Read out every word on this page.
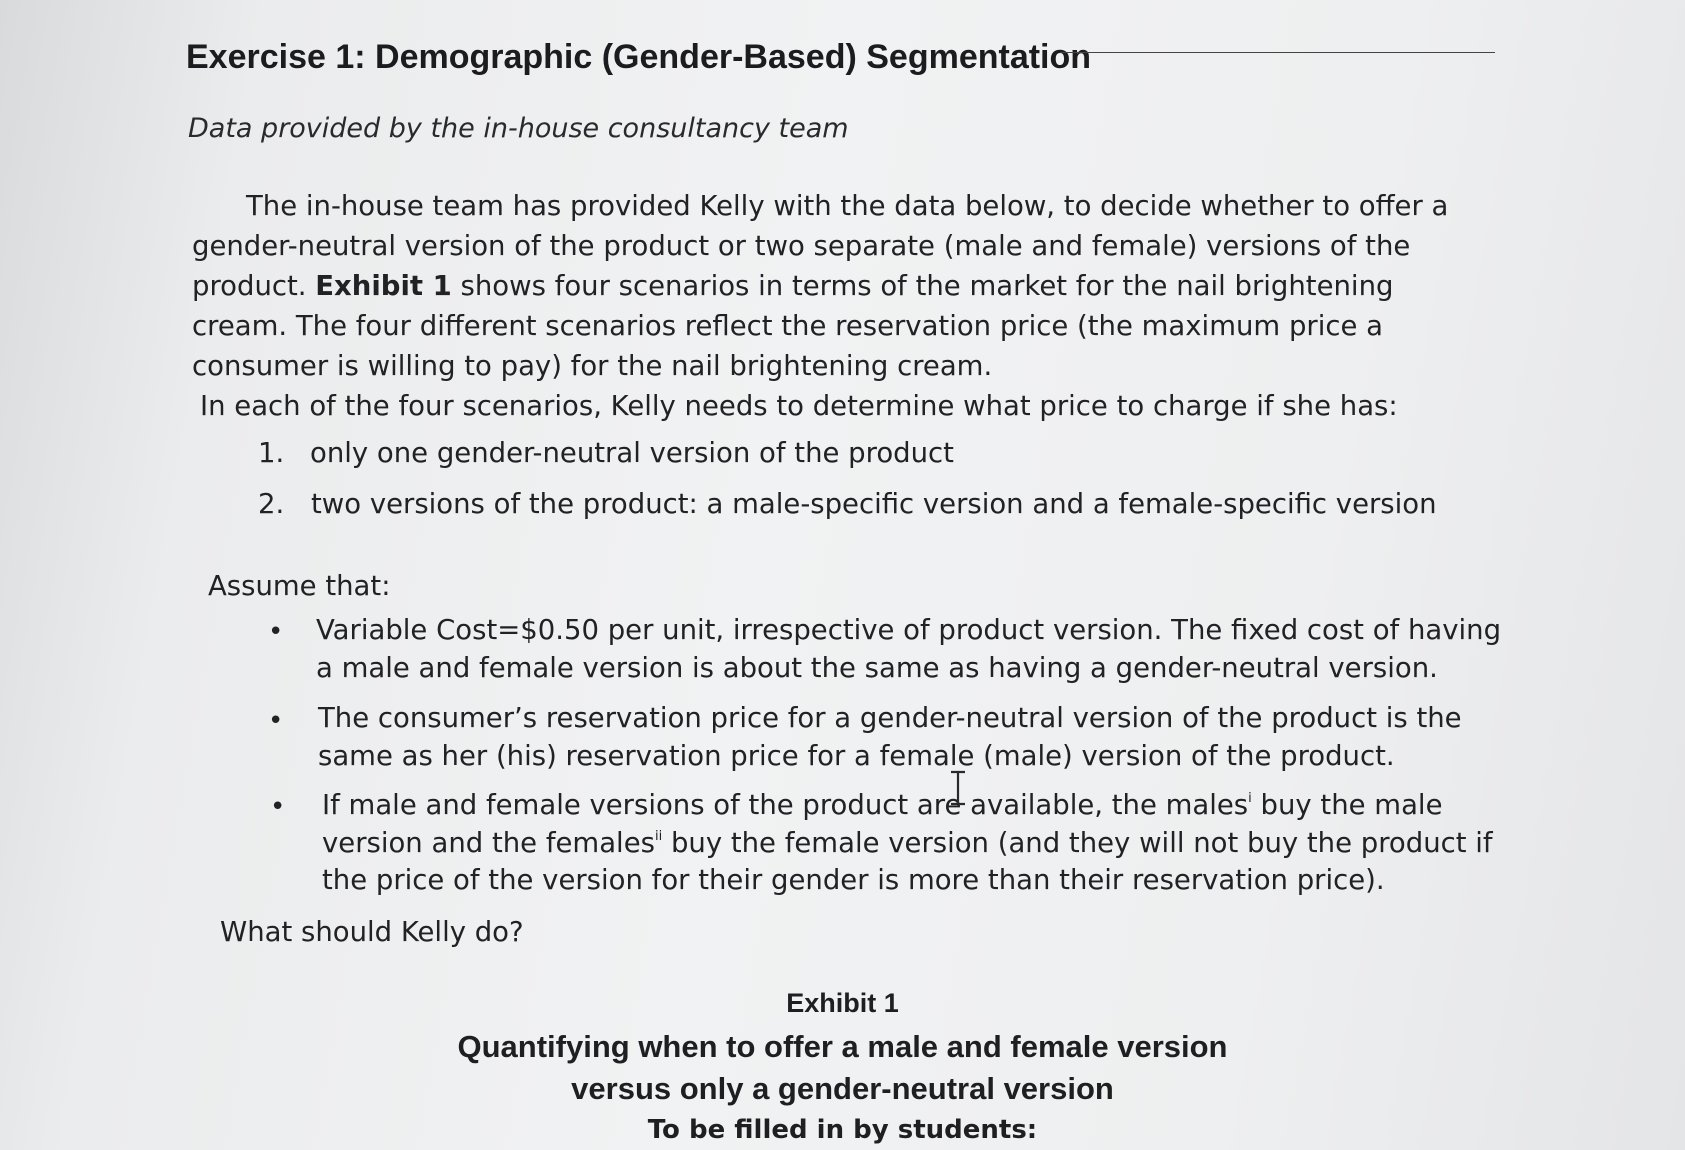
Exercise 1: Demographic (Gender-Based) Segmentation

Data provided by the in-house consultancy team

The in-house team has provided Kelly with the data below, to decide whether to offer a gender-neutral version of the product or two separate (male and female) versions of the product. Exhibit 1 shows four scenarios in terms of the market for the nail brightening cream. The four different scenarios reflect the reservation price (the maximum price a consumer is willing to pay) for the nail brightening cream.

In each of the four scenarios, Kelly needs to determine what price to charge if she has:

1. only one gender-neutral version of the product
2. two versions of the product: a male-specific version and a female-specific version

Assume that:

• Variable Cost=$0.50 per unit, irrespective of product version. The fixed cost of having a male and female version is about the same as having a gender-neutral version.

• The consumer’s reservation price for a gender-neutral version of the product is the same as her (his) reservation price for a female (male) version of the product.

• If male and female versions of the product are available, the males$^i$ buy the male version and the females$^{ii}$ buy the female version (and they will not buy the product if the price of the version for their gender is more than their reservation price).

What should Kelly do?

Exhibit 1

Quantifying when to offer a male and female version
versus only a gender-neutral version

To be filled in by students:
